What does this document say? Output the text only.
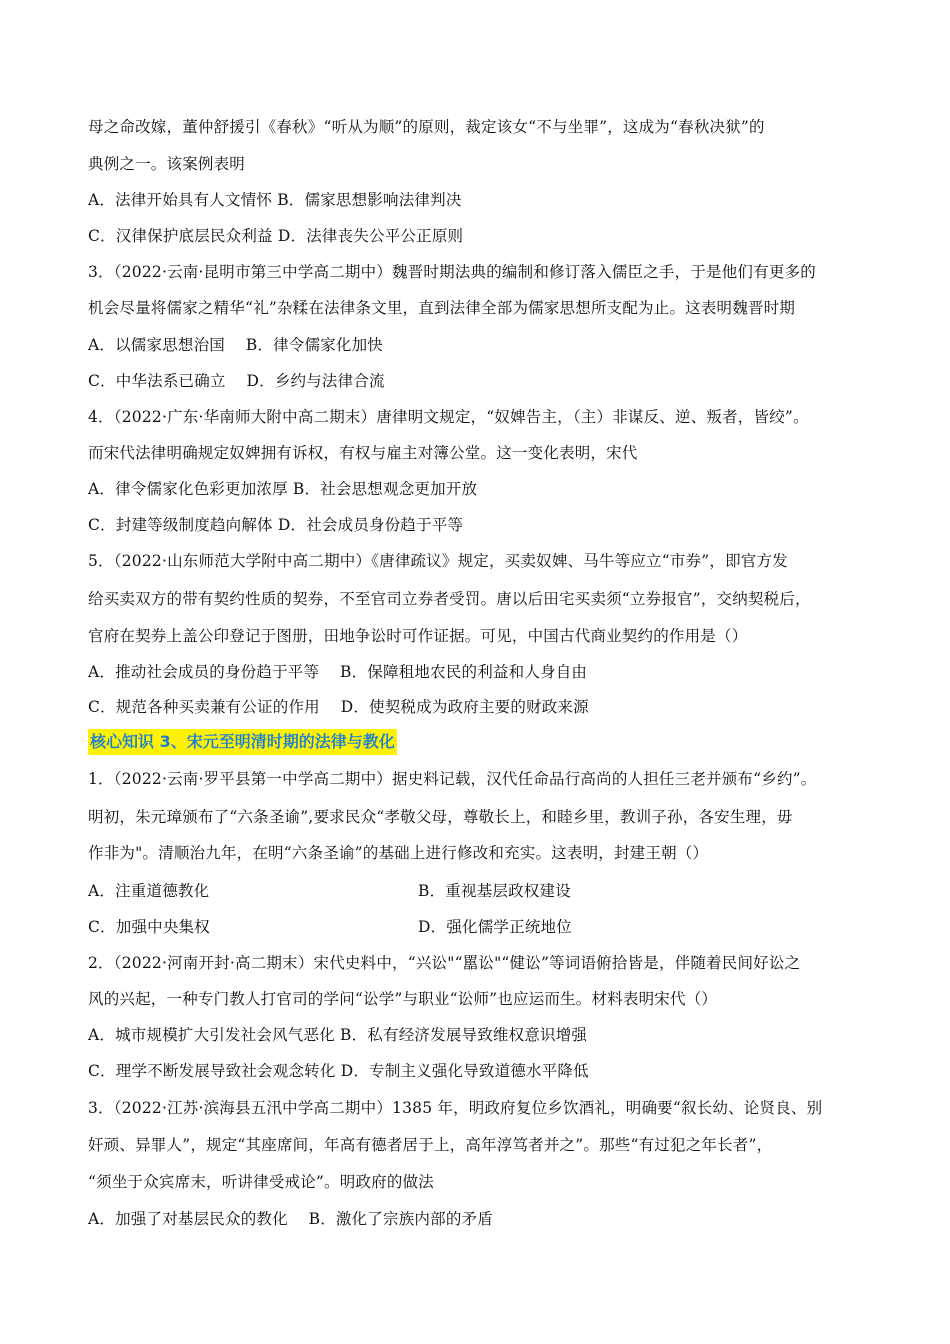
母之命改嫁，董仲舒援引《春秋》“听从为顺”的原则，裁定该女“不与坐罪”，这成为“春秋决狱”的
典例之一。该案例表明
A．法律开始具有人文情怀 B．儒家思想影响法律判决
C．汉律保护底层民众利益 D．法律丧失公平公正原则
3．（2022·云南·昆明市第三中学高二期中）魏晋时期法典的编制和修订落入儒臣之手，于是他们有更多的
机会尽量将儒家之精华“礼”杂糅在法律条文里，直到法律全部为儒家思想所支配为止。这表明魏晋时期
A．以儒家思想治国　 B．律令儒家化加快
C．中华法系已确立　 D．乡约与法律合流
4．（2022·广东·华南师大附中高二期末）唐律明文规定，“奴婢告主，（主）非谋反、逆、叛者，皆绞”。
而宋代法律明确规定奴婢拥有诉权，有权与雇主对簿公堂。这一变化表明，宋代
A．律令儒家化色彩更加浓厚 B．社会思想观念更加开放
C．封建等级制度趋向解体 D．社会成员身份趋于平等
5．（2022·山东师范大学附中高二期中）《唐律疏议》规定，买卖奴婢、马牛等应立“市券”，即官方发
给买卖双方的带有契约性质的契券，不至官司立券者受罚。唐以后田宅买卖须“立券报官”，交纳契税后，
官府在契券上盖公印登记于图册，田地争讼时可作证据。可见，中国古代商业契约的作用是（）
A．推动社会成员的身份趋于平等　 B．保障租地农民的利益和人身自由
C．规范各种买卖兼有公证的作用　 D．使契税成为政府主要的财政来源
核心知识 3、宋元至明清时期的法律与教化
1．（2022·云南·罗平县第一中学高二期中）据史料记载，汉代任命品行高尚的人担任三老并颁布“乡约”。
明初，朱元璋颁布了“六条圣谕”,要求民众“孝敬父母，尊敬长上，和睦乡里，教训子孙，各安生理，毋
作非为"。清顺治九年，在明“六条圣谕”的基础上进行修改和充实。这表明，封建王朝（）
A．注重道德教化	B．重视基层政权建设
C．加强中央集权	D．强化儒学正统地位
2．（2022·河南开封·高二期末）宋代史料中，“兴讼"“嚚讼"“健讼”等词语俯拾皆是，伴随着民间好讼之
风的兴起，一种专门教人打官司的学问“讼学”与职业“讼师”也应运而生。材料表明宋代（）
A．城市规模扩大引发社会风气恶化 B．私有经济发展导致维权意识增强
C．理学不断发展导致社会观念转化 D．专制主义强化导致道德水平降低
3．（2022·江苏·滨海县五汛中学高二期中）1385 年，明政府复位乡饮酒礼，明确要“叙长幼、论贤良、别
奸顽、异罪人”，规定“其座席间，年高有德者居于上，高年淳笃者并之”。那些“有过犯之年长者”，
“须坐于众宾席末，听讲律受戒论”。明政府的做法
A．加强了对基层民众的教化　 B．激化了宗族内部的矛盾
